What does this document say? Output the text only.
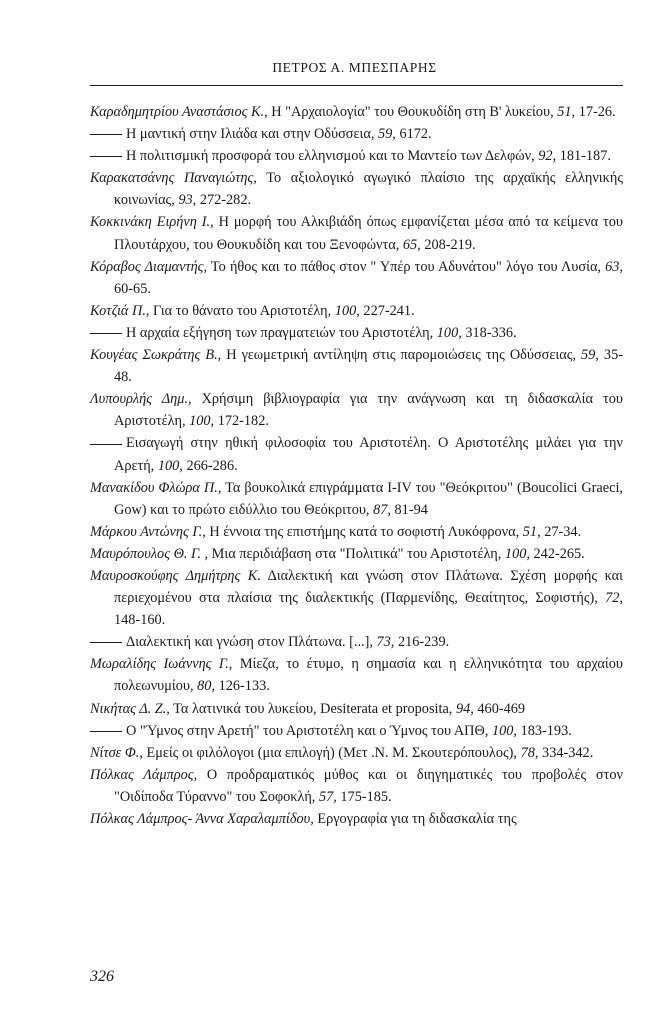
ΠΕΤΡΟΣ Α. ΜΠΕΣΠΑΡΗΣ
Καραδημητρίου Αναστάσιος Κ., Η "Αρχαιολογία" του Θουκυδίδη στη Β' λυκείου, 51, 17-26.
Η μαντική στην Ιλιάδα και στην Οδύσσεια, 59, 6172.
Η πολιτισμική προσφορά του ελληνισμού και το Μαντείο των Δελφών, 92, 181-187.
Καρακατσάνης Παναγιώτης, Το αξιολογικό αγωγικό πλαίσιο της αρχαϊκής ελληνικής κοινωνίας, 93, 272-282.
Κοκκινάκη Ειρήνη Ι., Η μορφή του Αλκιβιάδη όπως εμφανίζεται μέσα από τα κείμενα του Πλουτάρχου, του Θουκυδίδη και του Ξενοφώντα, 65, 208-219.
Κόραβος Διαμαντής, Το ήθος και το πάθος στον " Υπέρ του Αδυνάτου" λόγο του Λυσία, 63, 60-65.
Κοτζιά Π., Για το θάνατο του Αριστοτέλη, 100, 227-241.
Η αρχαία εξήγηση των πραγματειών του Αριστοτέλη, 100, 318-336.
Κουγέας Σωκράτης Β., Η γεωμετρική αντίληψη στις παρομοιώσεις της Οδύσσειας, 59, 35-48.
Λυπουρλής Δημ., Χρήσιμη βιβλιογραφία για την ανάγνωση και τη διδασκαλία του Αριστοτέλη, 100, 172-182.
Εισαγωγή στην ηθική φιλοσοφία του Αριστοτέλη. Ο Αριστοτέλης μιλάει για την Αρετή, 100, 266-286.
Μανακίδου Φλώρα Π., Τα βουκολικά επιγράμματα I-IV του "Θεόκριτου" (Boucolici Graeci, Gow) και το πρώτο ειδύλλιο του Θεόκριτου, 87, 81-94
Μάρκου Αντώνης Γ., Η έννοια της επιστήμης κατά το σοφιστή Λυκόφρονα, 51, 27-34.
Μαυρόπουλος Θ. Γ. , Μια περιδιάβαση στα "Πολιτικά" του Αριστοτέλη, 100, 242-265.
Μαυροσκούφης Δημήτρης Κ. Διαλεκτική και γνώση στον Πλάτωνα. Σχέση μορφής και περιεχομένου στα πλαίσια της διαλεκτικής (Παρμενίδης, Θεαίτητος, Σοφιστής), 72, 148-160.
Διαλεκτική και γνώση στον Πλάτωνα. [...], 73, 216-239.
Μωραλίδης Ιωάννης Γ., Μίεζα, το έτυμο, η σημασία και η ελληνικότητα του αρχαίου πολεωνυμίου, 80, 126-133.
Νικήτας Δ. Ζ., Τα λατινικά του λυκείου, Desiterata et proposita, 94, 460-469
Ο "Ύμνος στην Αρετή" του Αριστοτέλη και ο Ύμνος του ΑΠΘ, 100, 183-193.
Νίτσε Φ., Εμείς οι φιλόλογοι (μια επιλογή) (Μετ .Ν. Μ. Σκουτερόπουλος), 78, 334-342.
Πόλκας Λάμπρος, Ο προδραματικός μύθος και οι διηγηματικές του προβολές στον "Οιδίποδα Τύραννο" του Σοφοκλή, 57, 175-185.
Πόλκας Λάμπρος- Άννα Χαραλαμπίδου, Εργογραφία για τη διδασκαλία της
326
